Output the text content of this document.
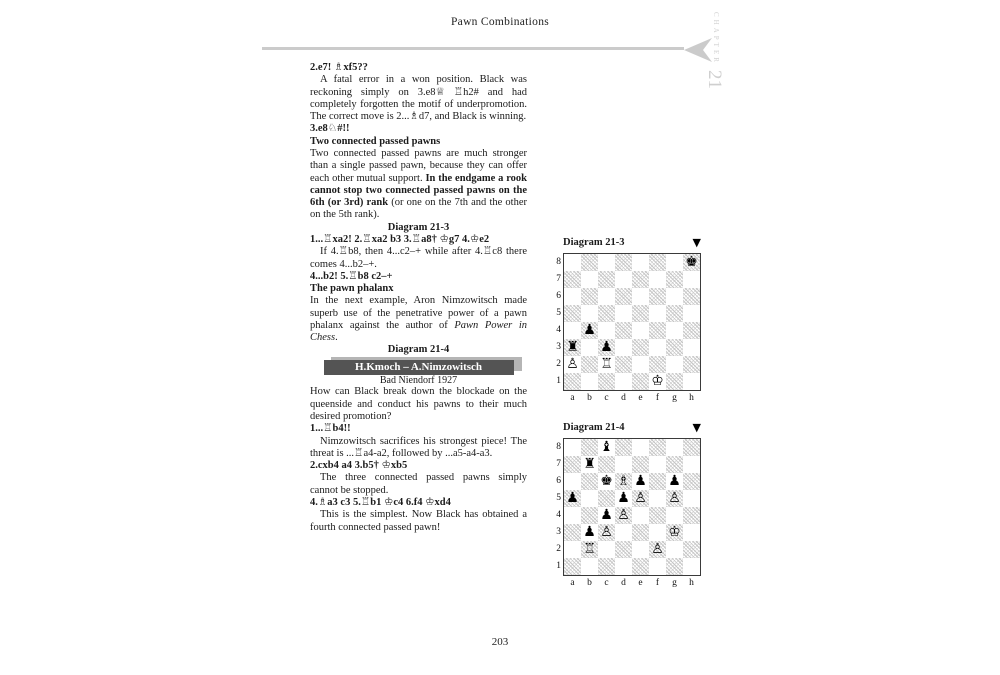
Pawn Combinations	CHAPTER
21

2.e7! ♗xf5??

A fatal error in a won position. Black was reckoning simply on 3.e8♕ ♖h2# and had completely forgotten the motif of underpromotion. The correct move is 2...♗d7, and Black is winning.

3.e8♘#!!

Two connected passed pawns

Two connected passed pawns are much stronger than a single passed pawn, because they can offer each other mutual support. In the endgame a rook cannot stop two connected passed pawns on the 6th (or 3rd) rank (or one on the 7th and the other on the 5th rank).

Diagram 21-3

1...♖xa2! 2.♖xa2 b3 3.♖a8† ♔g7 4.♔e2

If 4.♖b8, then 4...c2–+ while after 4.♖c8 there comes 4...b2–+.

4...b2! 5.♖b8 c2–+

The pawn phalanx

In the next example, Aron Nimzowitsch made superb use of the penetrative power of a pawn phalanx against the author of Pawn Power in Chess.

Diagram 21-4

H.Kmoch – A.Nimzowitsch

Bad Niendorf 1927

How can Black break down the blockade on the queenside and conduct his pawns to their much desired promotion?

1...♖b4!!

Nimzowitsch sacrifices his strongest piece! The threat is ...♖a4-a2, followed by ...a5-a4-a3.

2.cxb4 a4 3.b5† ♔xb5

The three connected passed pawns simply cannot be stopped.

4.♗a3 c3 5.♖b1 ♔c4 6.f4 ♔xd4

This is the simplest. Now Black has obtained a fourth connected passed pawn!

Diagram 21-3	▼
8
7
6
5
4
3
2
1
♚
♟
♜ ♟
♙ ♖
♔
a	b	c	d	e	f	g	h
Diagram 21-4	▼
8
7
6
5
4
3
2
1
♝
♜
♚ ♗ ♟ ♟
♟	♟ ♙ ♙
♟ ♙
♟ ♙	♔
♖	♙
a	b	c	d	e	f	g	h
203
